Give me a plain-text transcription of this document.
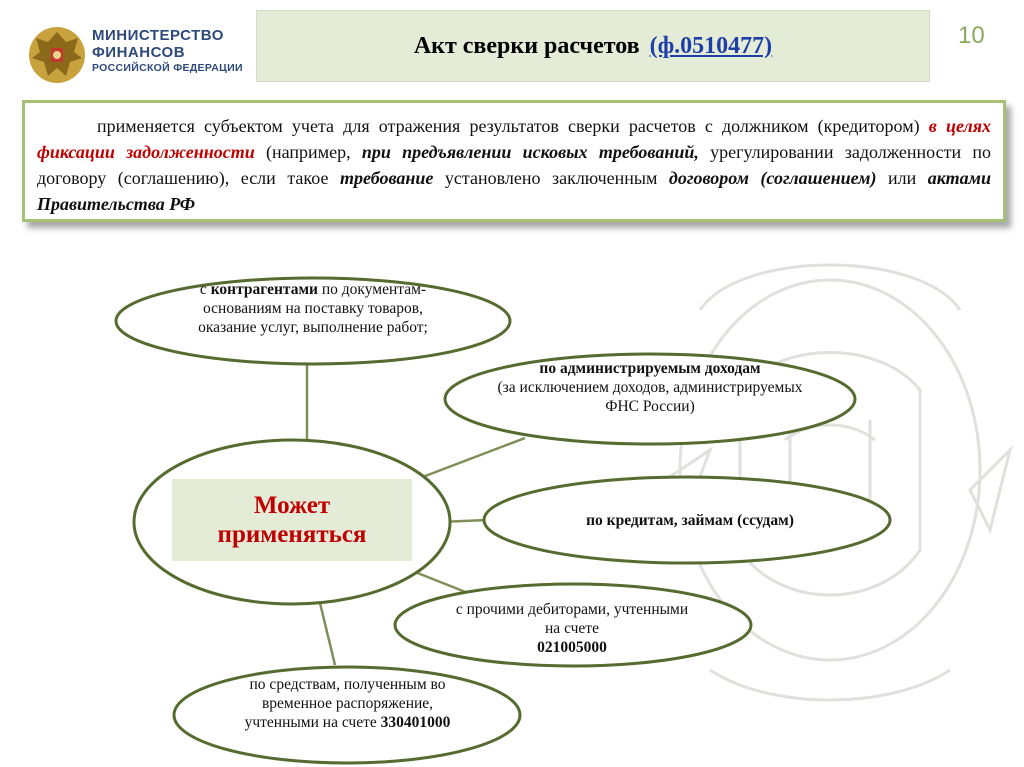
МИНИСТЕРСТВО
ФИНАНСОВ
РОССИЙСКОЙ ФЕДЕРАЦИИ
Акт сверки расчетов (ф.0510477)	10
применяется субъектом учета для отражения результатов сверки расчетов с должником (кредитором) в целях фиксации задолженности (например, при предъявлении исковых требований, урегулировании задолженности по договору (соглашению), если такое требование установлено заключенным договором (соглашением) или актами Правительства РФ
Может
применяться
с контрагентами по документам-основаниям на поставку товаров, оказание услуг, выполнение работ;
по администрируемым доходам
(за исключением доходов, администрируемых ФНС России)
по кредитам, займам (ссудам)
с прочими дебиторами, учтенными на счете
021005000
по средствам, полученным во временное распоряжение, учтенными на счете 330401000
